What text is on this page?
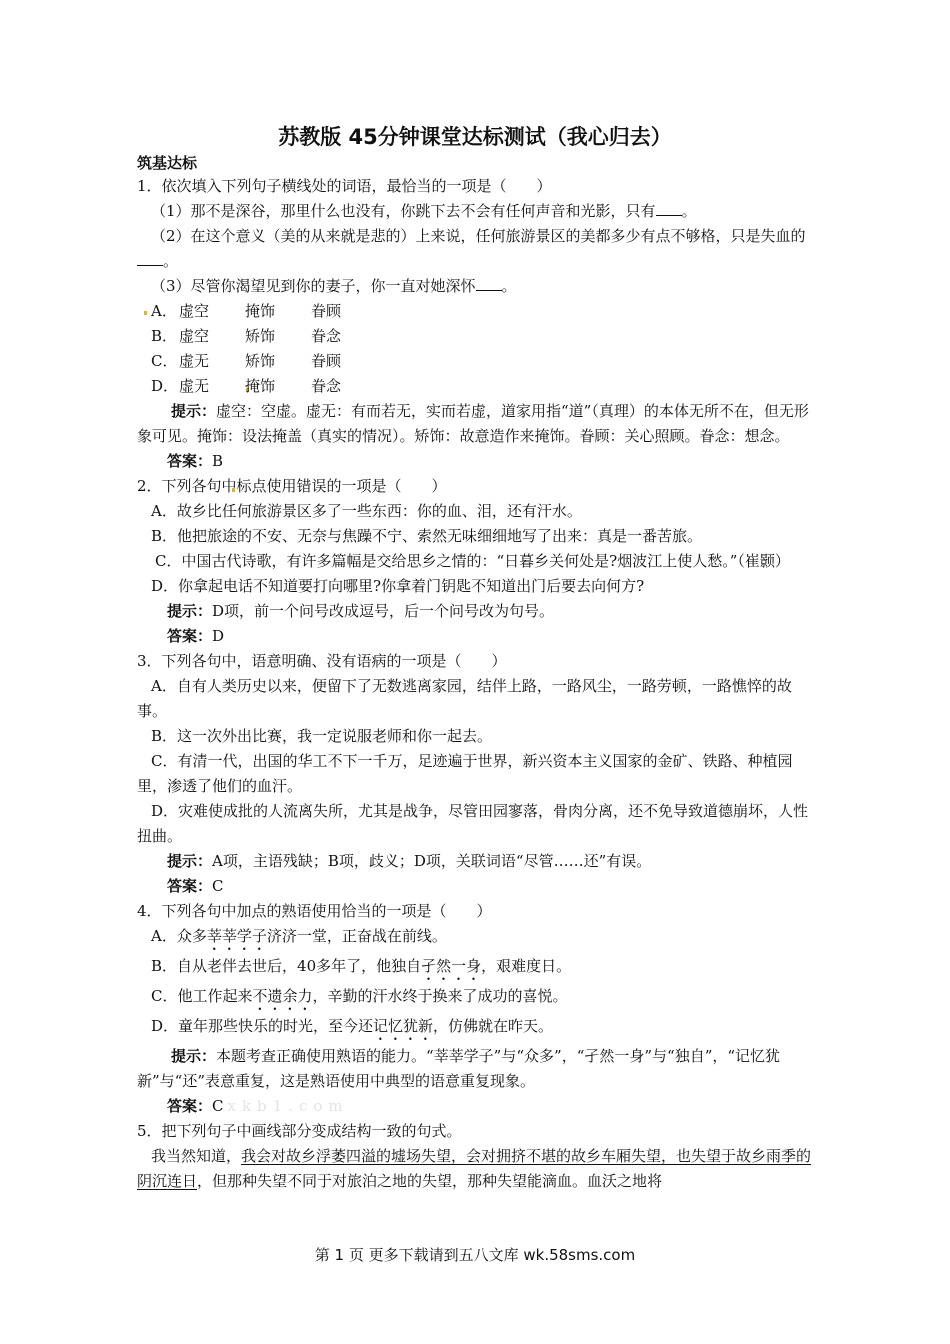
苏教版 45分钟课堂达标测试（我心归去）
筑基达标

1．依次填入下列句子横线处的词语，最恰当的一项是（　　）

（1）那不是深谷，那里什么也没有，你跳下去不会有任何声音和光影，只有 。

（2）在这个意义（美的从来就是悲的）上来说，任何旅游景区的美都多少有点不够格，只是失血的。

（3）尽管你渴望见到你的妻子，你一直对她深怀 。

A． 虚空 掩饰 眷顾

B． 虚空 矫饰 眷念

C． 虚无 矫饰 眷顾

D．虚无 掩饰 眷念

提示：虚空：空虚。虚无：有而若无，实而若虚，道家用指“道”（真理）的本体无所不在，但无形象可见。掩饰：设法掩盖（真实的情况）。矫饰：故意造作来掩饰。眷顾：关心照顾。眷念：想念。

答案：B

2．下列各句中标点使用错误的一项是（　　）

A．故乡比任何旅游景区多了一些东西：你的血、泪，还有汗水。

B．他把旅途的不安、无奈与焦躁不宁、索然无味细细地写了出来：真是一番苦旅。

C．中国古代诗歌，有许多篇幅是交给思乡之情的：“日暮乡关何处是?烟波江上使人愁。”（崔颢）

D．你拿起电话不知道要打向哪里?你拿着门钥匙不知道出门后要去向何方?

提示：D项，前一个问号改成逗号，后一个问号改为句号。

答案：D

3．下列各句中，语意明确、没有语病的一项是（　　）

A．自有人类历史以来，便留下了无数逃离家园，结伴上路，一路风尘，一路劳顿，一路憔悴的故事。

B．这一次外出比赛，我一定说服老师和你一起去。

C．有清一代，出国的华工不下一千万，足迹遍于世界，新兴资本主义国家的金矿、铁路、种植园里，渗透了他们的血汗。

D．灾难使成批的人流离失所，尤其是战争，尽管田园寥落，骨肉分离，还不免导致道德崩坏，人性扭曲。

提示：A项，主语残缺；B项，歧义；D项，关联词语“尽管……还”有误。

答案：C

4．下列各句中加点的熟语使用恰当的一项是（　　）

A．众多莘莘学子济济一堂，正奋战在前线。

B．自从老伴去世后，40多年了，他独自孑然一身，艰难度日。

C．他工作起来不遗余力，辛勤的汗水终于换来了成功的喜悦。

D．童年那些快乐的时光，至今还记忆犹新，仿佛就在昨天。

提示：本题考查正确使用熟语的能力。“莘莘学子”与“众多”，“孑然一身”与“独自”，“记忆犹新”与“还”表意重复，这是熟语使用中典型的语意重复现象。

答案：C xkb1.com

5．把下列句子中画线部分变成结构一致的句式。

我当然知道，我会对故乡浮萎四溢的墟场失望，会对拥挤不堪的故乡车厢失望，也失望于故乡雨季的阴沉连日，但那种失望不同于对旅泊之地的失望，那种失望能滴血。血沃之地将

第 1 页 更多下载请到五八文库 wk.58sms.com
